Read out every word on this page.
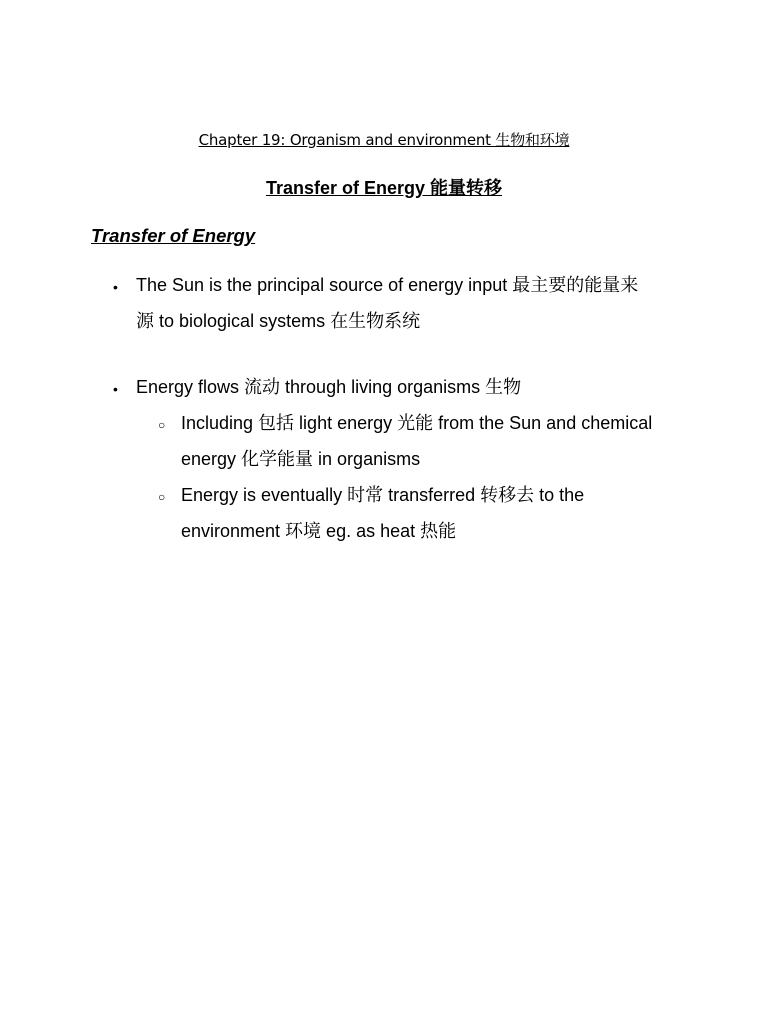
Chapter 19: Organism and environment 生物和环境
Transfer of Energy 能量转移
Transfer of Energy
• The Sun is the principal source of energy input 最主要的能量来
源 to biological systems 在生物系统
• Energy flows 流动 through living organisms 生物
○ Including 包括 light energy 光能 from the Sun and chemical
energy 化学能量 in organisms
○ Energy is eventually 时常 transferred 转移去 to the
environment 环境 eg. as heat 热能
